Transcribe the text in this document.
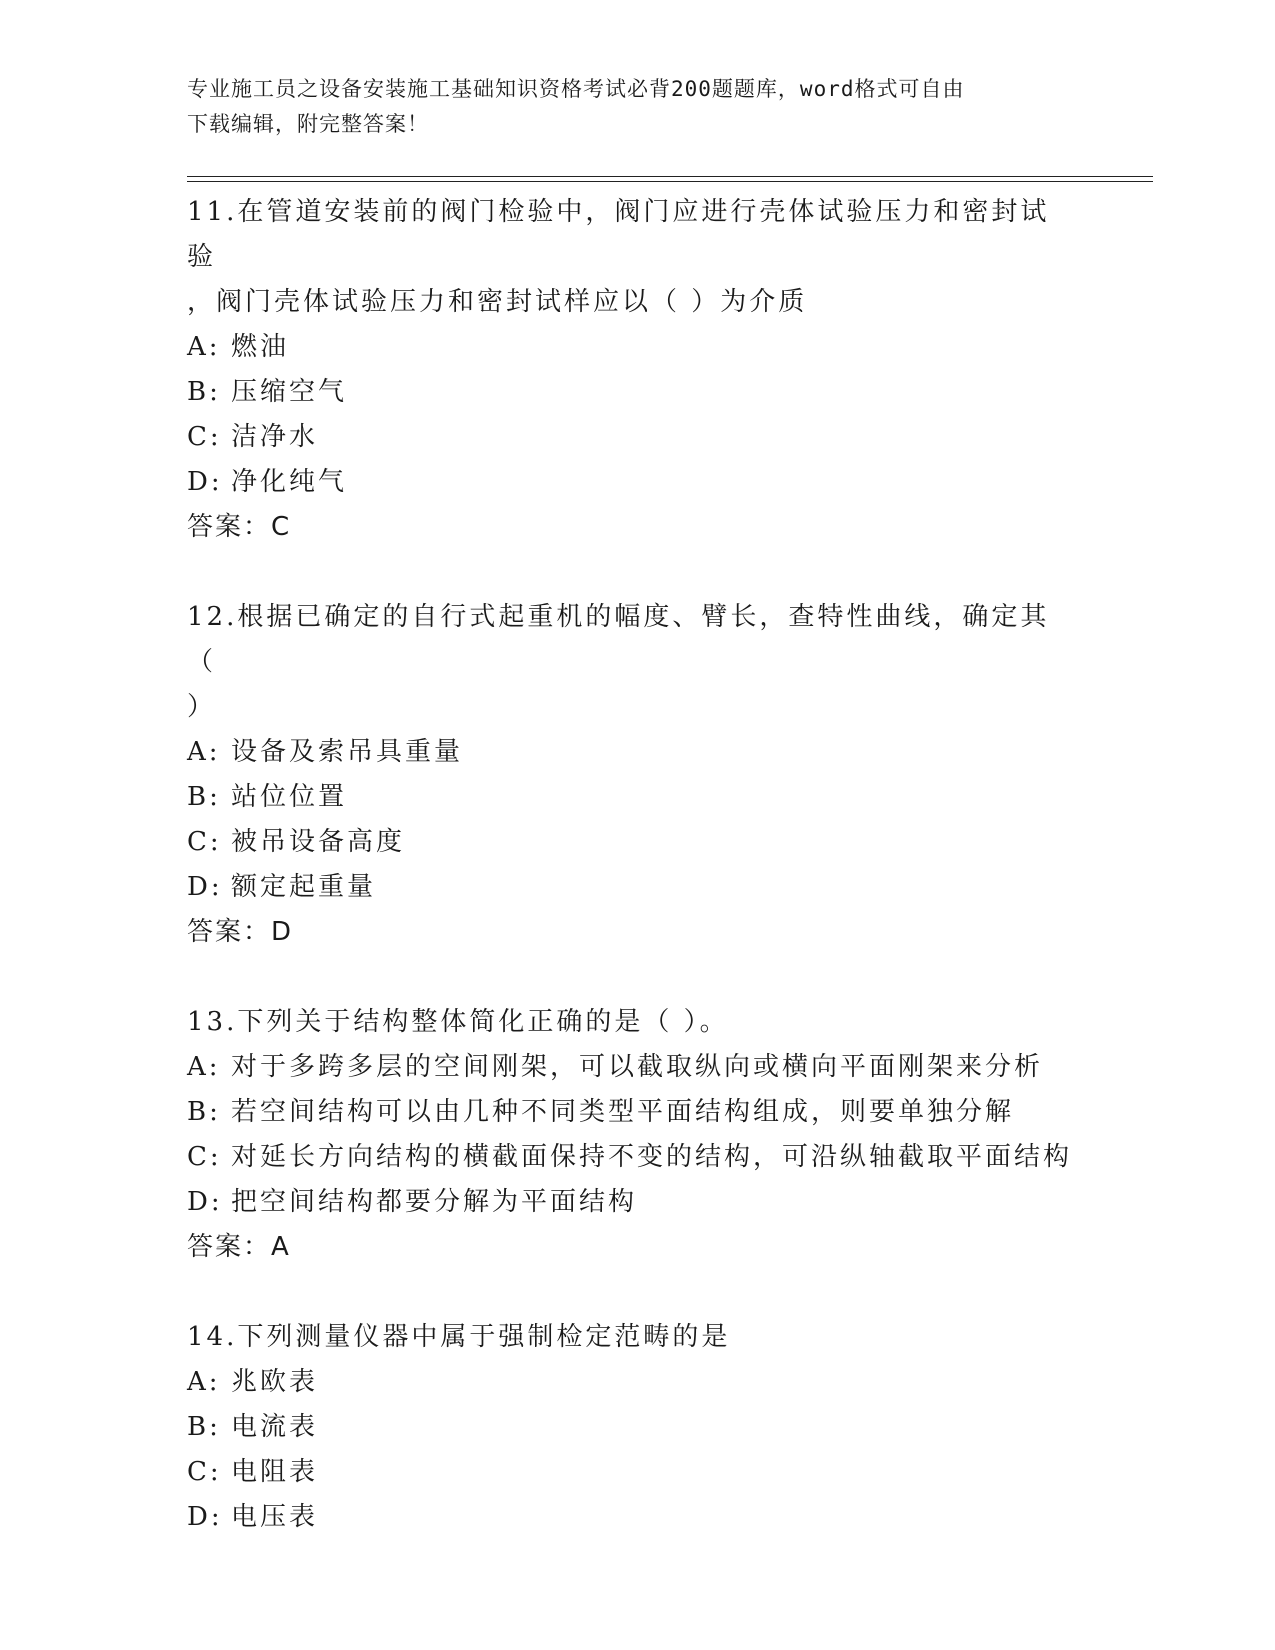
专业施工员之设备安装施工基础知识资格考试必背200题题库，word格式可自由
下载编辑，附完整答案！

11.在管道安装前的阀门检验中，阀门应进行壳体试验压力和密封试验

，阀门壳体试验压力和密封试样应以（ ）为介质

A: 燃油

B: 压缩空气

C: 洁净水

D: 净化纯气

答案：C

12.根据已确定的自行式起重机的幅度、臂长，查特性曲线，确定其（

）

A: 设备及索吊具重量

B: 站位位置

C: 被吊设备高度

D: 额定起重量

答案：D

13.下列关于结构整体简化正确的是（ ）。

A: 对于多跨多层的空间刚架，可以截取纵向或横向平面刚架来分析

B: 若空间结构可以由几种不同类型平面结构组成，则要单独分解

C: 对延长方向结构的横截面保持不变的结构，可沿纵轴截取平面结构

D: 把空间结构都要分解为平面结构

答案：A

14.下列测量仪器中属于强制检定范畴的是

A: 兆欧表

B: 电流表

C: 电阻表

D: 电压表
